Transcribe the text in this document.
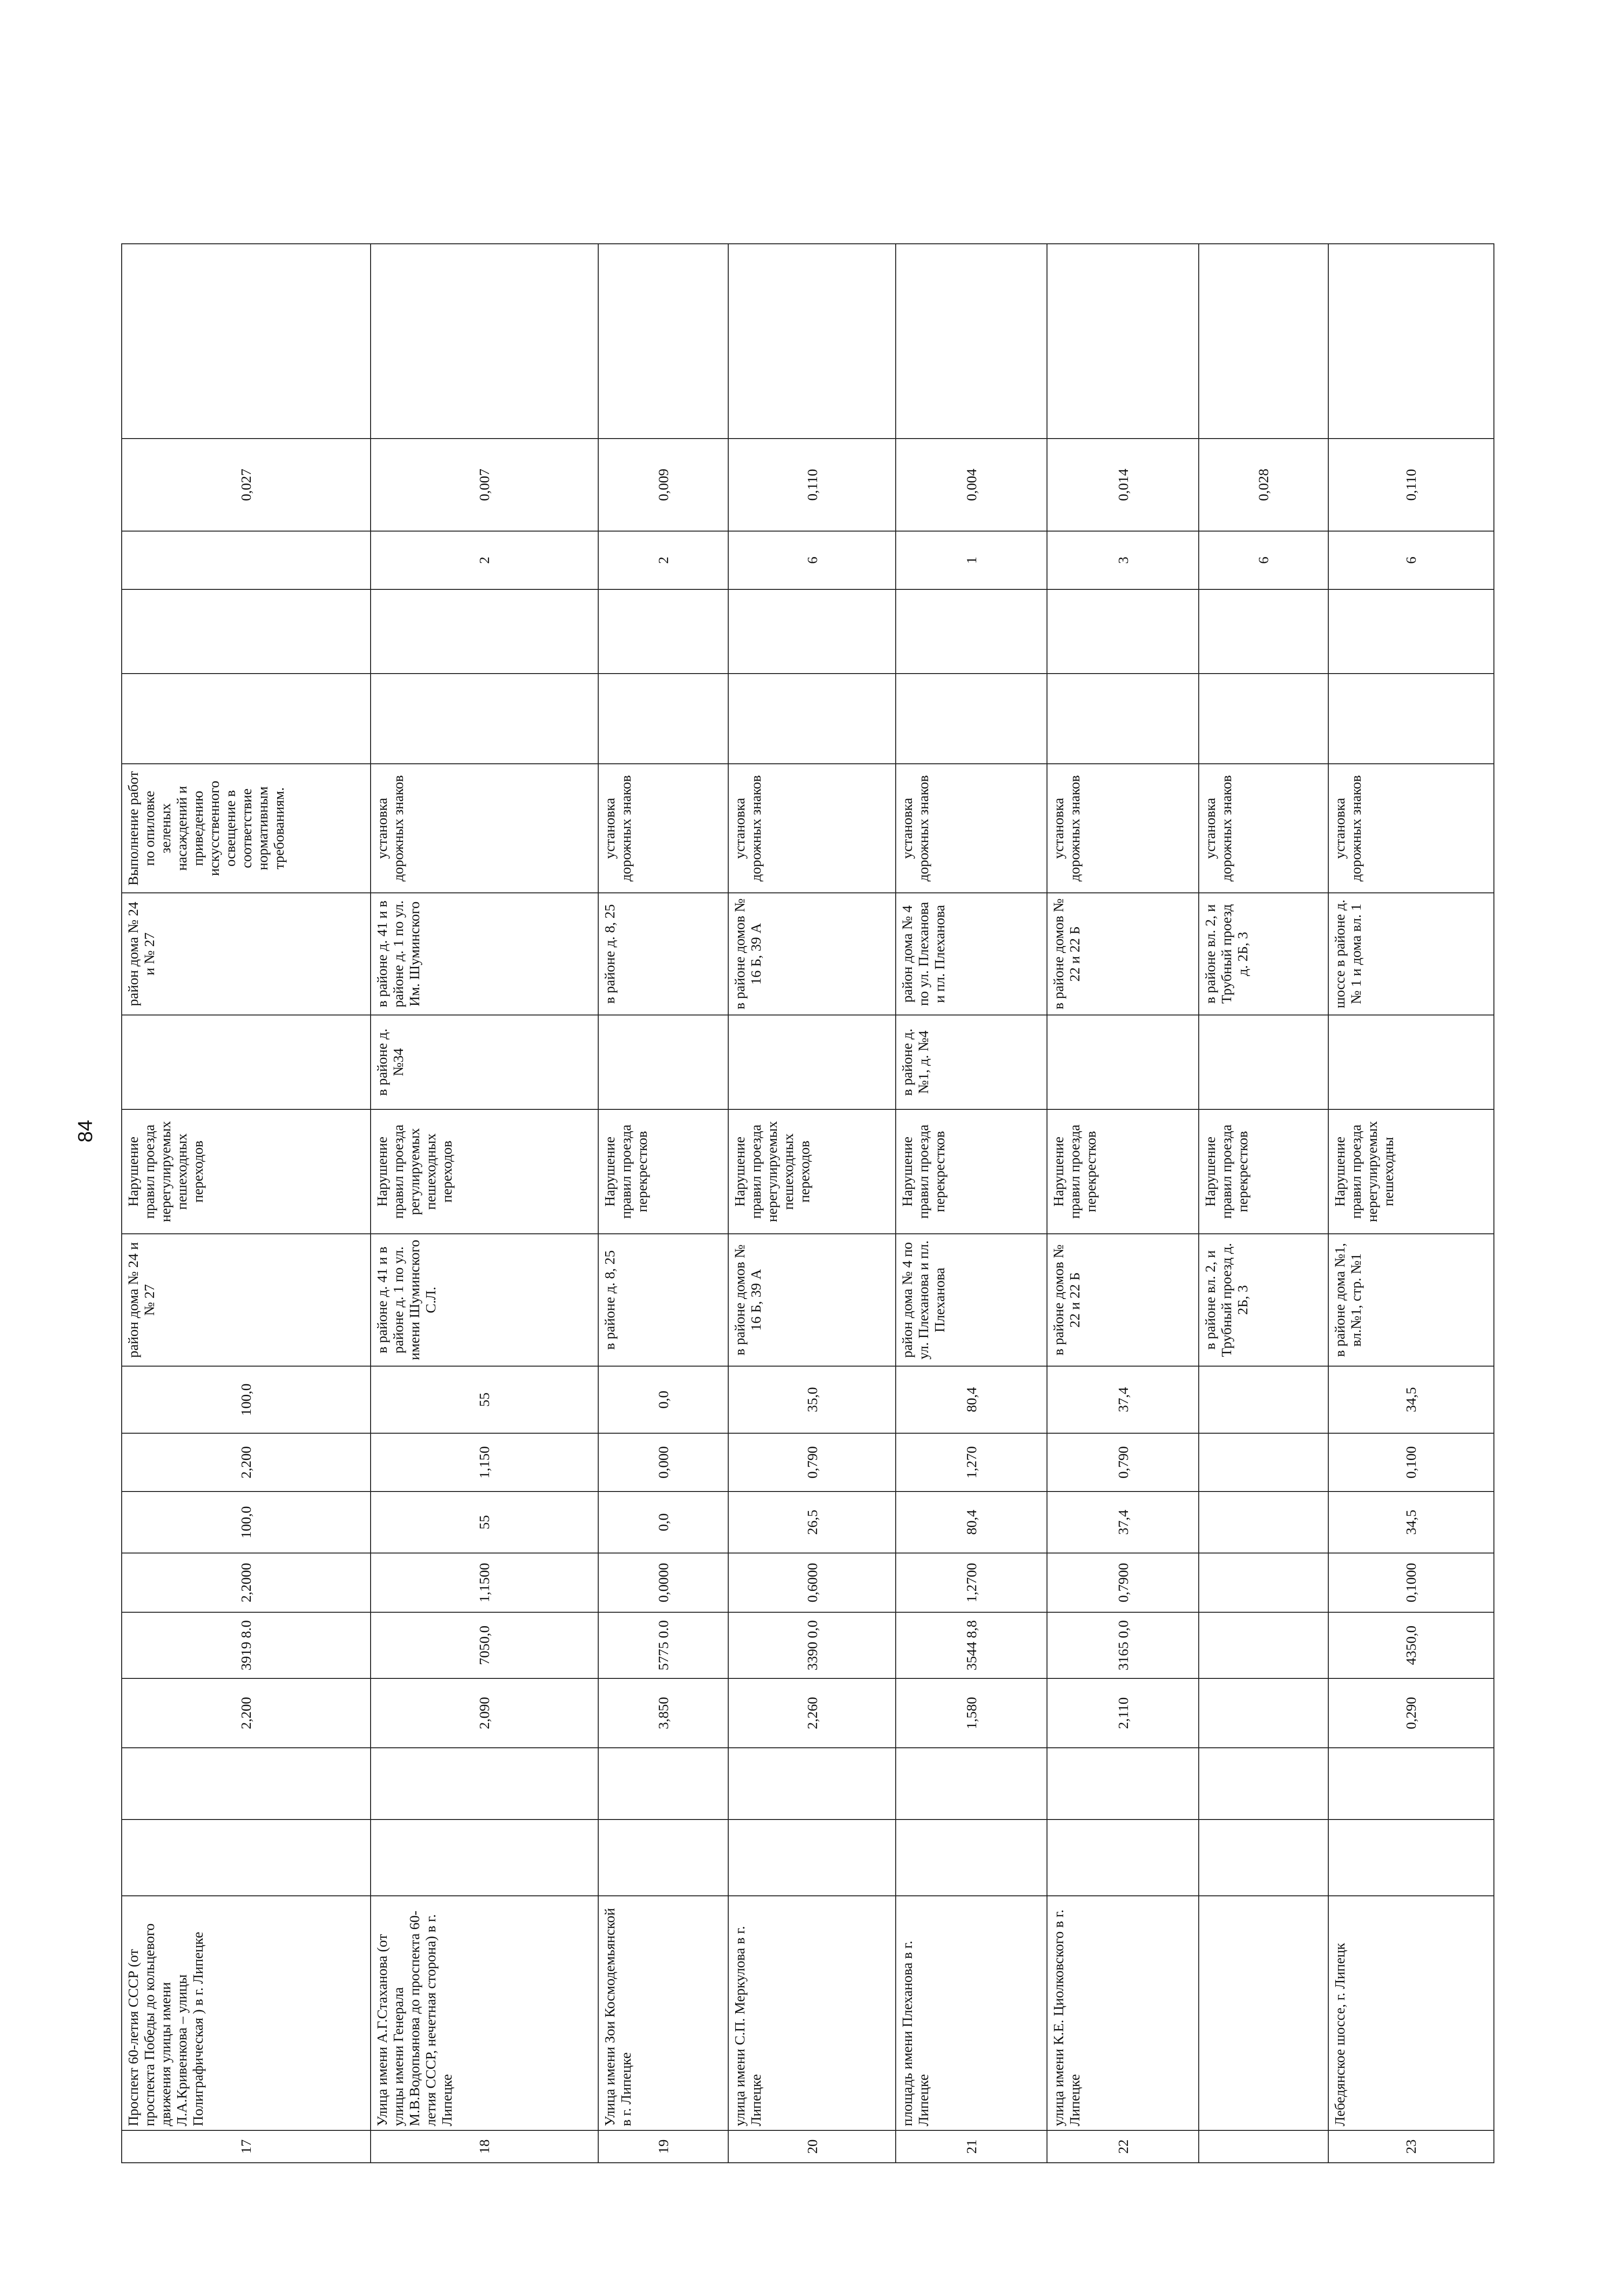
84
17	Проспект 60-летия СССР (от проспекта Победы до кольцевого движения улицы имени Л.А.Кривенкова – улицы Полиграфическая ) в г. Липецке			2,200	3919 8.0	2,2000	100,0	2,200	100,0	район дома № 24 и № 27	Нарушение правил проезда нерегулируемых пешеходных переходов		район дома № 24 и № 27	Выполнение работ по опиловке зеленых насаждений и приведению искусственного освещение в соответствие нормативным требованиям.				0,027	
18	Улица имени А.Г.Стаханова (от улицы имени Генерала М.В.Водопьянова до проспекта 60-летия СССР, нечетная сторона) в г. Липецке			2,090	7050,0	1,1500	55	1,150	55	в районе д. 41 и в районе д. 1 по ул. имени Шуминского С.Л.	Нарушение правил проезда регулируемых пешеходных переходов	в районе д. №34	в районе д. 41 и в районе д. 1 по ул. Им. Шуминского	установка дорожных знаков			2	0,007	
19	Улица имени Зои Космодемьянской в г. Липецке			3,850	5775 0.0	0,0000	0,0	0,000	0,0	в районе д. 8, 25	Нарушение правил проезда перекрестков		в районе д. 8, 25	установка дорожных знаков			2	0,009	
20	улица имени С.П. Меркулова в г. Липецке			2,260	3390 0,0	0,6000	26,5	0,790	35,0	в районе домов № 16 Б, 39 А	Нарушение правил проезда нерегулируемых пешеходных переходов		в районе домов № 16 Б, 39 А	установка дорожных знаков			6	0,110	
21	площадь имени Плеханова в г. Липецке			1,580	3544 8,8	1,2700	80,4	1,270	80,4	район дома № 4 по ул. Плеханова и пл. Плеханова	Нарушение правил проезда перекрестков	в районе д. №1, д. №4	район дома № 4 по ул. Плеханова и пл. Плеханова	установка дорожных знаков			1	0,004	
22	улица имени К.Е. Циолковского в г. Липецке			2,110	3165 0,0	0,7900	37,4	0,790	37,4	в районе домов № 22 и 22 Б	Нарушение правил проезда перекрестков		в районе домов № 22 и 22 Б	установка дорожных знаков			3	0,014	
										в районе вл. 2, и Трубный проезд д. 2Б, 3	Нарушение правил проезда перекрестков		в районе вл. 2, и Трубный проезд д. 2Б, 3	установка дорожных знаков			6	0,028	
23	Лебедянское шоссе, г. Липецк			0,290	4350,0	0,1000	34,5	0,100	34,5	в районе дома №1, вл.№1, стр. №1	Нарушение правил проезда нерегулируемых пешеходны		шоссе в районе д. № 1 и дома вл. 1	установка дорожных знаков			6	0,110	
